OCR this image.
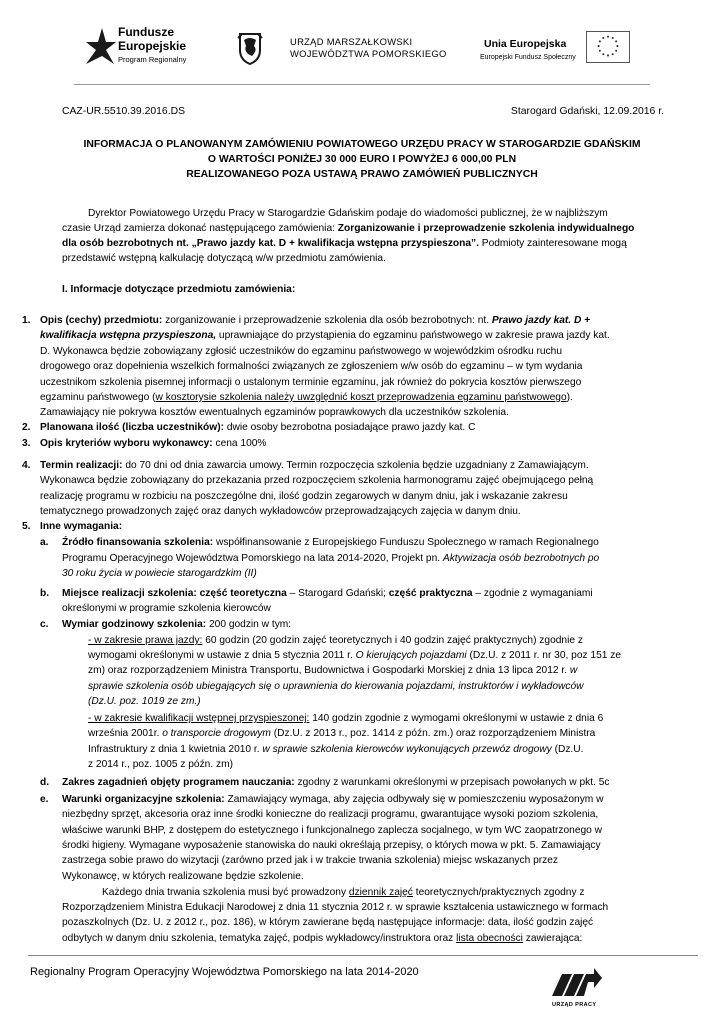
Fundusze
Europejskie
Program Regionalny
URZĄD MARSZAŁKOWSKI
WOJEWÓDZTWA POMORSKIEGO
Unia Europejska
Europejski Fundusz Społeczny
CAZ-UR.5510.39.2016.DS	Starogard Gdański, 12.09.2016 r.
INFORMACJA O PLANOWANYM ZAMÓWIENIU POWIATOWEGO URZĘDU PRACY W STAROGARDZIE GDAŃSKIM
O WARTOŚCI PONIŻEJ 30 000 EURO I POWYŻEJ 6 000,00 PLN
REALIZOWANEGO POZA USTAWĄ PRAWO ZAMÓWIEŃ PUBLICZNYCH
Dyrektor Powiatowego Urzędu Pracy w Starogardzie Gdańskim podaje do wiadomości publicznej, że w najbliższym
czasie Urząd zamierza dokonać następującego zamówienia: Zorganizowanie i przeprowadzenie szkolenia indywidualnego
dla osób bezrobotnych nt. „Prawo jazdy kat. D + kwalifikacja wstępna przyspieszona”. Podmioty zainteresowane mogą
przedstawić wstępną kalkulację dotyczącą w/w przedmiotu zamówienia.
I. Informacje dotyczące przedmiotu zamówienia:
1. Opis (cechy) przedmiotu: zorganizowanie i przeprowadzenie szkolenia dla osób bezrobotnych: nt. Prawo jazdy kat. D +
kwalifikacja wstępna przyspieszona, uprawniające do przystąpienia do egzaminu państwowego w zakresie prawa jazdy kat.
D. Wykonawca będzie zobowiązany zgłosić uczestników do egzaminu państwowego w wojewódzkim ośrodku ruchu
drogowego oraz dopełnienia wszelkich formalności związanych ze zgłoszeniem w/w osób do egzaminu – w tym wydania
uczestnikom szkolenia pisemnej informacji o ustalonym terminie egzaminu, jak również do pokrycia kosztów pierwszego
egzaminu państwowego (w kosztorysie szkolenia należy uwzględnić koszt przeprowadzenia egzaminu państwowego).
Zamawiający nie pokrywa kosztów ewentualnych egzaminów poprawkowych dla uczestników szkolenia.
2. Planowana ilość (liczba uczestników): dwie osoby bezrobotna posiadające prawo jazdy kat. C
3. Opis kryteriów wyboru wykonawcy: cena 100%
4. Termin realizacji: do 70 dni od dnia zawarcia umowy. Termin rozpoczęcia szkolenia będzie uzgadniany z Zamawiającym.
Wykonawca będzie zobowiązany do przekazania przed rozpoczęciem szkolenia harmonogramu zajęć obejmującego pełną
realizację programu w rozbiciu na poszczególne dni, ilość godzin zegarowych w danym dniu, jak i wskazanie zakresu
tematycznego prowadzonych zajęć oraz danych wykładowców przeprowadzających zajęcia w danym dniu.
5. Inne wymagania:
a. Źródło finansowania szkolenia: współfinansowanie z Europejskiego Funduszu Społecznego w ramach Regionalnego
Programu Operacyjnego Województwa Pomorskiego na lata 2014-2020, Projekt pn. Aktywizacja osób bezrobotnych po
30 roku życia w powiecie starogardzkim (II)
b. Miejsce realizacji szkolenia: część teoretyczna – Starogard Gdański; część praktyczna – zgodnie z wymaganiami
określonymi w programie szkolenia kierowców
c. Wymiar godzinowy szkolenia: 200 godzin w tym:
- w zakresie prawa jazdy: 60 godzin (20 godzin zajęć teoretycznych i 40 godzin zajęć praktycznych) zgodnie z
wymogami określonymi w ustawie z dnia 5 stycznia 2011 r. O kierujących pojazdami (Dz.U. z 2011 r. nr 30, poz 151 ze
zm) oraz rozporządzeniem Ministra Transportu, Budownictwa i Gospodarki Morskiej z dnia 13 lipca 2012 r. w
sprawie szkolenia osób ubiegających się o uprawnienia do kierowania pojazdami, instruktorów i wykładowców
(Dz.U. poz. 1019 ze zm.)
- w zakresie kwalifikacji wstępnej przyspieszonej: 140 godzin zgodnie z wymogami określonymi w ustawie z dnia 6
września 2001r. o transporcie drogowym (Dz.U. z 2013 r., poz. 1414 z późn. zm.) oraz rozporządzeniem Ministra
Infrastruktury z dnia 1 kwietnia 2010 r. w sprawie szkolenia kierowców wykonujących przewóz drogowy (Dz.U.
z 2014 r., poz. 1005 z późn. zm)
d. Zakres zagadnień objęty programem nauczania: zgodny z warunkami określonymi w przepisach powołanych w pkt. 5c
e. Warunki organizacyjne szkolenia: Zamawiający wymaga, aby zajęcia odbywały się w pomieszczeniu wyposażonym w
niezbędny sprzęt, akcesoria oraz inne środki konieczne do realizacji programu, gwarantujące wysoki poziom szkolenia,
właściwe warunki BHP, z dostępem do estetycznego i funkcjonalnego zaplecza socjalnego, w tym WC zaopatrzonego w
środki higieny. Wymagane wyposażenie stanowiska do nauki określają przepisy, o których mowa w pkt. 5. Zamawiający
zastrzega sobie prawo do wizytacji (zarówno przed jak i w trakcie trwania szkolenia) miejsc wskazanych przez
Wykonawcę, w których realizowane będzie szkolenie.
Każdego dnia trwania szkolenia musi być prowadzony dziennik zajęć teoretycznych/praktycznych zgodny z
Rozporządzeniem Ministra Edukacji Narodowej z dnia 11 stycznia 2012 r. w sprawie kształcenia ustawicznego w formach
pozaszkolnych (Dz. U. z 2012 r., poz. 186), w którym zawierane będą następujące informacje: data, ilość godzin zajęć
odbytych w danym dniu szkolenia, tematyka zajęć, podpis wykładowcy/instruktora oraz lista obecności zawierająca:
Regionalny Program Operacyjny Województwa Pomorskiego na lata 2014-2020
URZĄD PRACY
